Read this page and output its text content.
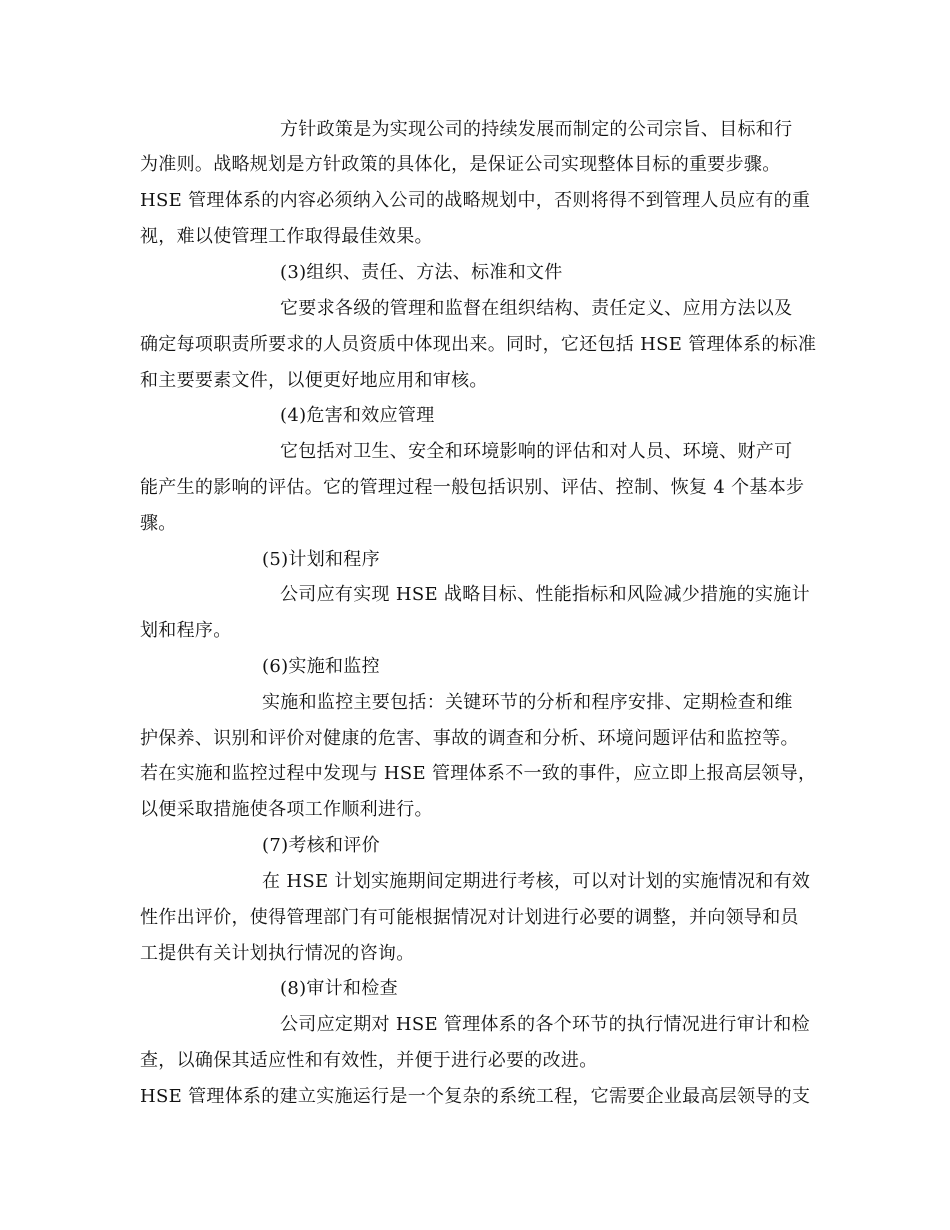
方针政策是为实现公司的持续发展而制定的公司宗旨、目标和行
为准则。战略规划是方针政策的具体化，是保证公司实现整体目标的重要步骤。
HSE 管理体系的内容必须纳入公司的战略规划中，否则将得不到管理人员应有的重
视，难以使管理工作取得最佳效果。
(3)组织、责任、方法、标准和文件
它要求各级的管理和监督在组织结构、责任定义、应用方法以及
确定每项职责所要求的人员资质中体现出来。同时，它还包括 HSE 管理体系的标准
和主要要素文件，以便更好地应用和审核。
(4)危害和效应管理
它包括对卫生、安全和环境影响的评估和对人员、环境、财产可
能产生的影响的评估。它的管理过程一般包括识别、评估、控制、恢复 4 个基本步
骤。
(5)计划和程序
公司应有实现 HSE 战略目标、性能指标和风险减少措施的实施计
划和程序。
(6)实施和监控
实施和监控主要包括：关键环节的分析和程序安排、定期检查和维
护保养、识别和评价对健康的危害、事故的调查和分析、环境问题评估和监控等。
若在实施和监控过程中发现与 HSE 管理体系不一致的事件，应立即上报高层领导，
以便采取措施使各项工作顺利进行。
(7)考核和评价
在 HSE 计划实施期间定期进行考核，可以对计划的实施情况和有效
性作出评价，使得管理部门有可能根据情况对计划进行必要的调整，并向领导和员
工提供有关计划执行情况的咨询。
(8)审计和检查
公司应定期对 HSE 管理体系的各个环节的执行情况进行审计和检
查，以确保其适应性和有效性，并便于进行必要的改进。
HSE 管理体系的建立实施运行是一个复杂的系统工程，它需要企业最高层领导的支
